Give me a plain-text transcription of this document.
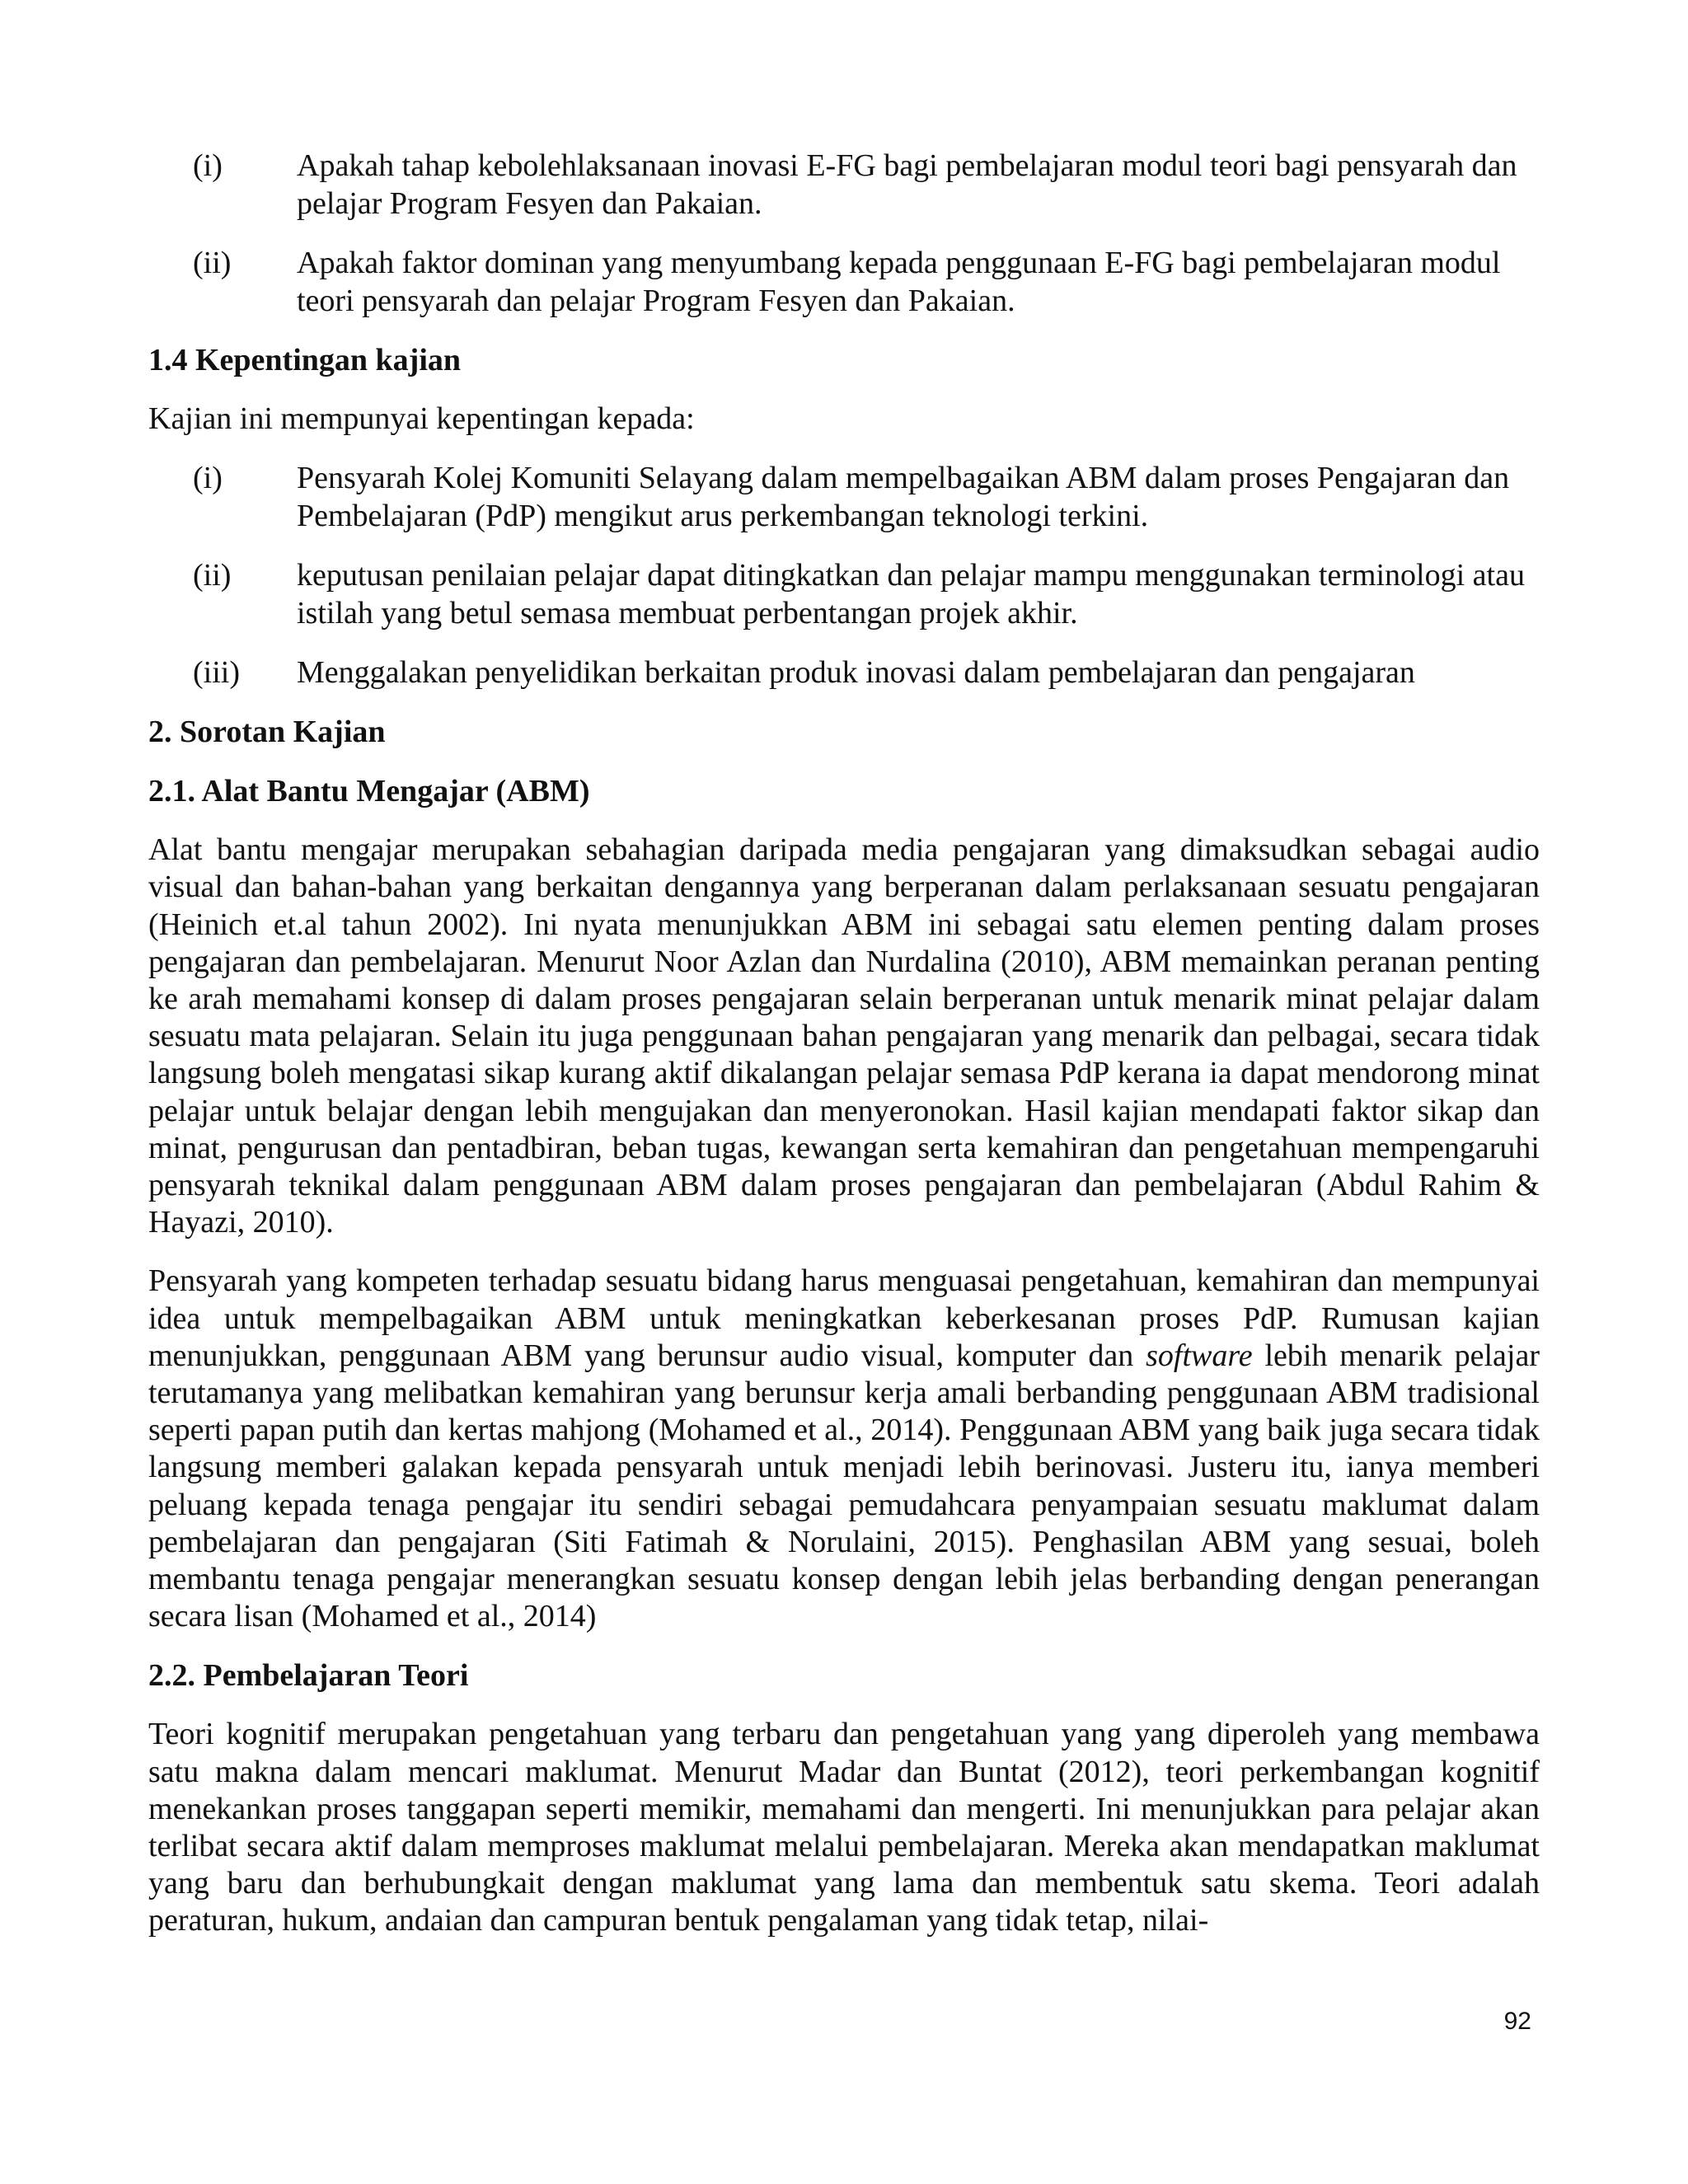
(i)	Apakah tahap kebolehlaksanaan inovasi E-FG bagi pembelajaran modul teori bagi pensyarah dan pelajar Program Fesyen dan Pakaian.
(ii)	Apakah faktor dominan yang menyumbang kepada penggunaan E-FG bagi pembelajaran modul teori pensyarah dan pelajar Program Fesyen dan Pakaian.
1.4 Kepentingan kajian

Kajian ini mempunyai kepentingan kepada:

(i)	Pensyarah Kolej Komuniti Selayang dalam mempelbagaikan ABM dalam proses Pengajaran dan Pembelajaran (PdP) mengikut arus perkembangan teknologi terkini.
(ii)	keputusan penilaian pelajar dapat ditingkatkan dan pelajar mampu menggunakan terminologi atau istilah yang betul semasa membuat perbentangan projek akhir.
(iii)	Menggalakan penyelidikan berkaitan produk inovasi dalam pembelajaran dan pengajaran
2. Sorotan Kajian
2.1. Alat Bantu Mengajar (ABM)

Alat bantu mengajar merupakan sebahagian daripada media pengajaran yang dimaksudkan sebagai audio visual dan bahan-bahan yang berkaitan dengannya yang berperanan dalam perlaksanaan sesuatu pengajaran (Heinich et.al tahun 2002). Ini nyata menunjukkan ABM ini sebagai satu elemen penting dalam proses pengajaran dan pembelajaran. Menurut Noor Azlan dan Nurdalina (2010), ABM memainkan peranan penting ke arah memahami konsep di dalam proses pengajaran selain berperanan untuk menarik minat pelajar dalam sesuatu mata pelajaran. Selain itu juga penggunaan bahan pengajaran yang menarik dan pelbagai, secara tidak langsung boleh mengatasi sikap kurang aktif dikalangan pelajar semasa PdP kerana ia dapat mendorong minat pelajar untuk belajar dengan lebih mengujakan dan menyeronokan. Hasil kajian mendapati faktor sikap dan minat, pengurusan dan pentadbiran, beban tugas, kewangan serta kemahiran dan pengetahuan mempengaruhi pensyarah teknikal dalam penggunaan ABM dalam proses pengajaran dan pembelajaran (Abdul Rahim & Hayazi, 2010).

Pensyarah yang kompeten terhadap sesuatu bidang harus menguasai pengetahuan, kemahiran dan mempunyai idea untuk mempelbagaikan ABM untuk meningkatkan keberkesanan proses PdP. Rumusan kajian menunjukkan, penggunaan ABM yang berunsur audio visual, komputer dan software lebih menarik pelajar terutamanya yang melibatkan kemahiran yang berunsur kerja amali berbanding penggunaan ABM tradisional seperti papan putih dan kertas mahjong (Mohamed et al., 2014). Penggunaan ABM yang baik juga secara tidak langsung memberi galakan kepada pensyarah untuk menjadi lebih berinovasi. Justeru itu, ianya memberi peluang kepada tenaga pengajar itu sendiri sebagai pemudahcara penyampaian sesuatu maklumat dalam pembelajaran dan pengajaran (Siti Fatimah & Norulaini, 2015). Penghasilan ABM yang sesuai, boleh membantu tenaga pengajar menerangkan sesuatu konsep dengan lebih jelas berbanding dengan penerangan secara lisan (Mohamed et al., 2014)

2.2. Pembelajaran Teori

Teori kognitif merupakan pengetahuan yang terbaru dan pengetahuan yang yang diperoleh yang membawa satu makna dalam mencari maklumat. Menurut Madar dan Buntat (2012), teori perkembangan kognitif menekankan proses tanggapan seperti memikir, memahami dan mengerti. Ini menunjukkan para pelajar akan terlibat secara aktif dalam memproses maklumat melalui pembelajaran. Mereka akan mendapatkan maklumat yang baru dan berhubungkait dengan maklumat yang lama dan membentuk satu skema. Teori adalah peraturan, hukum, andaian dan campuran bentuk pengalaman yang tidak tetap, nilai-

92
